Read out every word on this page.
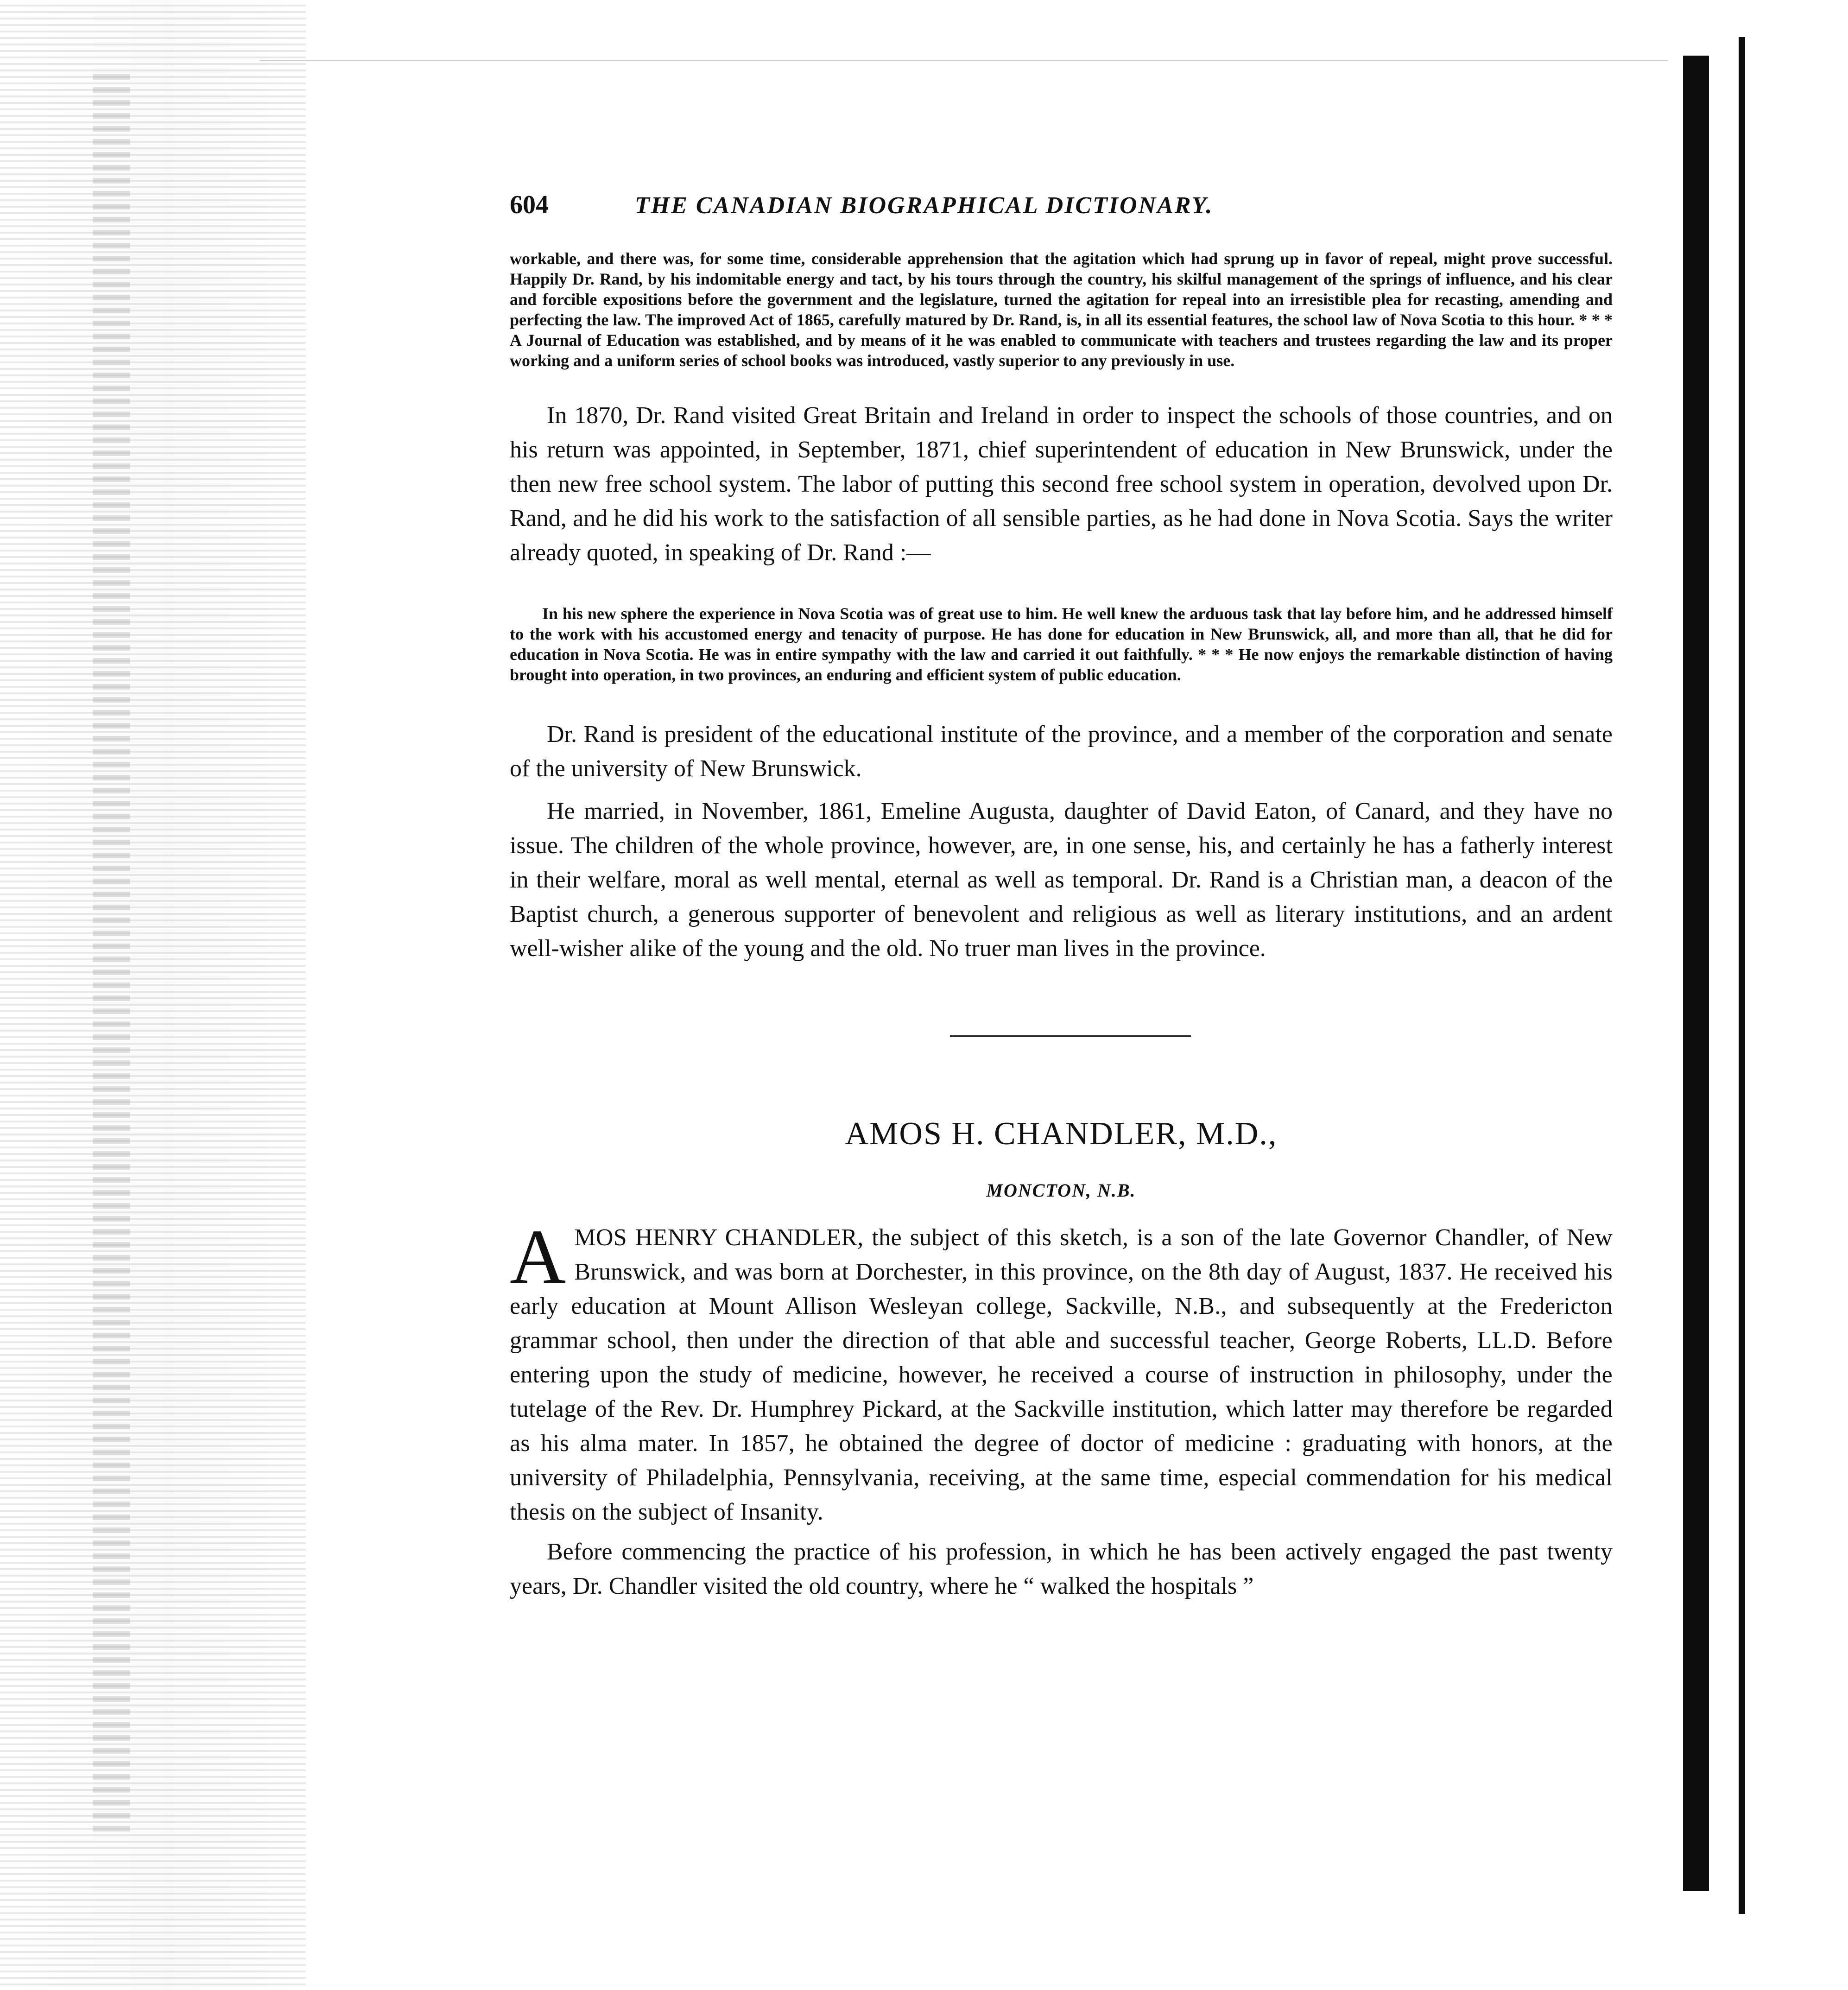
604	THE CANADIAN BIOGRAPHICAL DICTIONARY.

workable, and there was, for some time, considerable apprehension that the agitation which had sprung up in favor of repeal, might prove successful. Happily Dr. Rand, by his indomitable energy and tact, by his tours through the country, his skilful management of the springs of influence, and his clear and forcible expositions before the government and the legislature, turned the agitation for repeal into an irresistible plea for recasting, amending and perfecting the law. The improved Act of 1865, carefully matured by Dr. Rand, is, in all its essential features, the school law of Nova Scotia to this hour. * * * A Journal of Education was established, and by means of it he was enabled to communicate with teachers and trustees regarding the law and its proper working and a uniform series of school books was introduced, vastly superior to any previously in use.

In 1870, Dr. Rand visited Great Britain and Ireland in order to inspect the schools of those countries, and on his return was appointed, in September, 1871, chief superintendent of education in New Brunswick, under the then new free school system. The labor of putting this second free school system in operation, devolved upon Dr. Rand, and he did his work to the satisfaction of all sensible parties, as he had done in Nova Scotia. Says the writer already quoted, in speaking of Dr. Rand :—

In his new sphere the experience in Nova Scotia was of great use to him. He well knew the arduous task that lay before him, and he addressed himself to the work with his accustomed energy and tenacity of purpose. He has done for education in New Brunswick, all, and more than all, that he did for education in Nova Scotia. He was in entire sympathy with the law and carried it out faithfully. * * * He now enjoys the remarkable distinction of having brought into operation, in two provinces, an enduring and efficient system of public education.

Dr. Rand is president of the educational institute of the province, and a member of the corporation and senate of the university of New Brunswick.

He married, in November, 1861, Emeline Augusta, daughter of David Eaton, of Canard, and they have no issue. The children of the whole province, however, are, in one sense, his, and certainly he has a fatherly interest in their welfare, moral as well mental, eternal as well as temporal. Dr. Rand is a Christian man, a deacon of the Baptist church, a generous supporter of benevolent and religious as well as literary institutions, and an ardent well-wisher alike of the young and the old. No truer man lives in the province.

AMOS H. CHANDLER, M.D.,
MONCTON, N.B.
A MOS HENRY CHANDLER, the subject of this sketch, is a son of the late Governor Chandler, of New Brunswick, and was born at Dorchester, in this province, on the 8th day of August, 1837. He received his early education at Mount Allison Wesleyan college, Sackville, N.B., and subsequently at the Fredericton grammar school, then under the direction of that able and successful teacher, George Roberts, LL.D. Before entering upon the study of medicine, however, he received a course of instruction in philosophy, under the tutelage of the Rev. Dr. Humphrey Pickard, at the Sackville institution, which latter may therefore be regarded as his alma mater. In 1857, he obtained the degree of doctor of medicine : graduating with honors, at the university of Philadelphia, Pennsylvania, receiving, at the same time, especial commendation for his medical thesis on the subject of Insanity.

Before commencing the practice of his profession, in which he has been actively engaged the past twenty years, Dr. Chandler visited the old country, where he “ walked the hospitals ”
